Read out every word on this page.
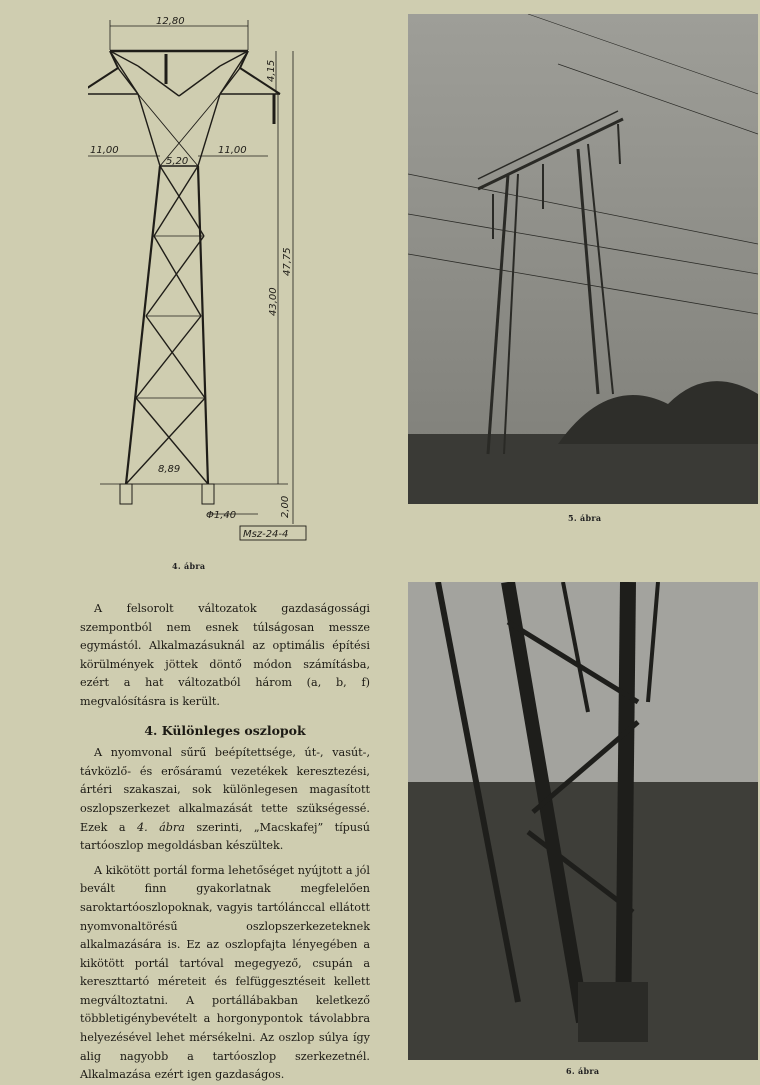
12,80
11,00	11,00
5,20
8,89
Φ1,40
Msz-24-4
4,15
47,75
43,00
2,00
4. ábra
5. ábra
6. ábra

A felsorolt változatok gazdaságossági szempontból nem esnek túlságosan messze egymástól. Alkalmazásuknál az optimális építési körülmények jöttek döntő módon számításba, ezért a hat változatból három (a, b, f) megvalósításra is került.

4. Különleges oszlopok

A nyomvonal sűrű beépítettsége, út-, vasút-, távközlő- és erősáramú vezetékek keresztezési, ártéri szakaszai, sok különlegesen magasított oszlopszerkezet alkalmazását tette szükségessé. Ezek a 4. ábra szerinti, „Macskafej” típusú tartóoszlop megoldásban készültek.

A kikötött portál forma lehetőséget nyújtott a jól bevált finn gyakorlatnak megfelelően saroktartóoszlopoknak, vagyis tartólánccal ellátott nyomvonaltörésű oszlopszerkezeteknek alkalmazására is. Ez az oszlopfajta lényegében a kikötött portál tartóval megegyező, csupán a kereszttartó méreteit és felfüggesztéseit kellett megváltoztatni. A portállábakban keletkező többletigénybevételt a horgonypontok távolabbra helyezésével lehet mérsékelni. Az oszlop súlya így alig nagyobb a tartóoszlop szerkezetnél. Alkalmazása ezért igen gazdaságos.
